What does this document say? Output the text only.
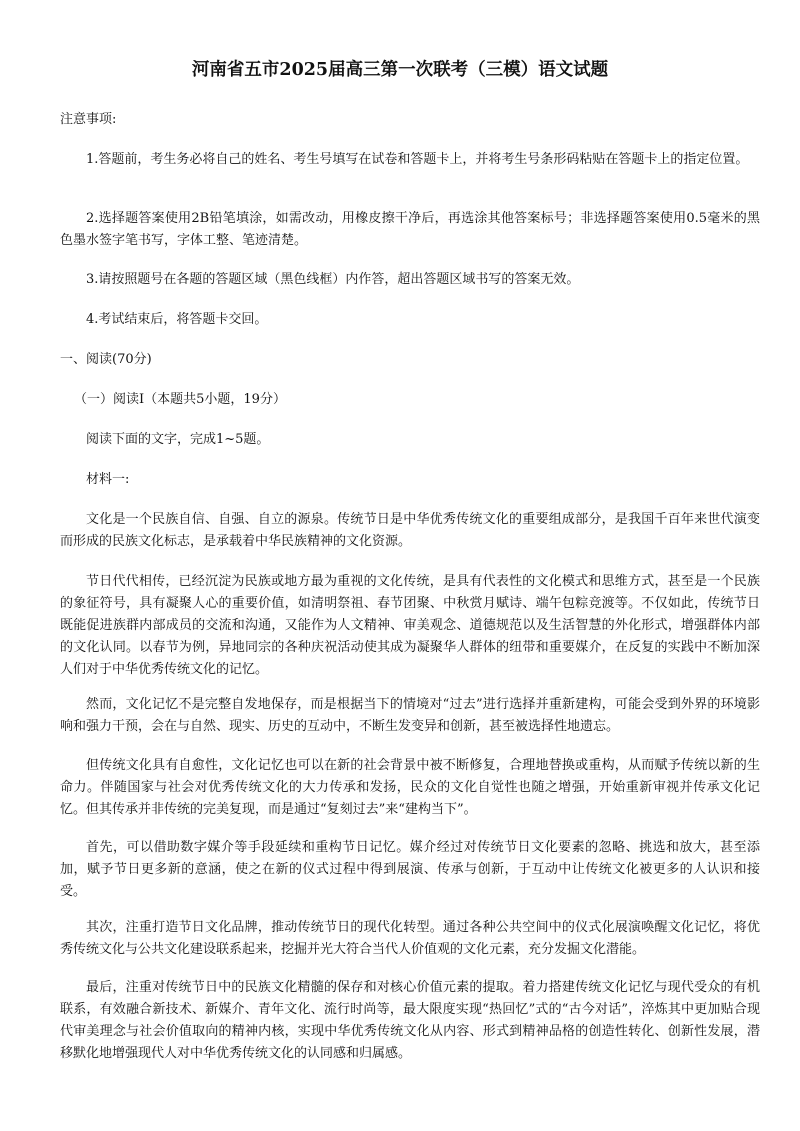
河南省五市2025届高三第一次联考（三模）语文试题

注意事项:

1.答题前，考生务必将自己的姓名、考生号填写在试卷和答题卡上，并将考生号条形码粘贴在答题卡上的指定位置。

2.选择题答案使用2B铅笔填涂，如需改动，用橡皮擦干净后，再选涂其他答案标号；非选择题答案使用0.5毫米的黑色墨水签字笔书写，字体工整、笔迹清楚。

3.请按照题号在各题的答题区域（黑色线框）内作答，超出答题区域书写的答案无效。

4.考试结束后，将答题卡交回。

一、阅读(70分)

（一）阅读Ⅰ（本题共5小题，19分）

阅读下面的文字，完成1~5题。

材料一:

文化是一个民族自信、自强、自立的源泉。传统节日是中华优秀传统文化的重要组成部分，是我国千百年来世代演变而形成的民族文化标志，是承载着中华民族精神的文化资源。

节日代代相传，已经沉淀为民族或地方最为重视的文化传统，是具有代表性的文化模式和思维方式，甚至是一个民族的象征符号，具有凝聚人心的重要价值，如清明祭祖、春节团聚、中秋赏月赋诗、端午包粽竞渡等。不仅如此，传统节日既能促进族群内部成员的交流和沟通，又能作为人文精神、审美观念、道德规范以及生活智慧的外化形式，增强群体内部的文化认同。以春节为例，异地同宗的各种庆祝活动使其成为凝聚华人群体的纽带和重要媒介，在反复的实践中不断加深人们对于中华优秀传统文化的记忆。

然而，文化记忆不是完整自发地保存，而是根据当下的情境对“过去”进行选择并重新建构，可能会受到外界的环境影响和强力干预，会在与自然、现实、历史的互动中，不断生发变异和创新，甚至被选择性地遗忘。

但传统文化具有自愈性，文化记忆也可以在新的社会背景中被不断修复，合理地替换或重构，从而赋予传统以新的生命力。伴随国家与社会对优秀传统文化的大力传承和发扬，民众的文化自觉性也随之增强，开始重新审视并传承文化记忆。但其传承并非传统的完美复现，而是通过“复刻过去”来“建构当下”。

首先，可以借助数字媒介等手段延续和重构节日记忆。媒介经过对传统节日文化要素的忽略、挑选和放大，甚至添加，赋予节日更多新的意涵，使之在新的仪式过程中得到展演、传承与创新，于互动中让传统文化被更多的人认识和接受。

其次，注重打造节日文化品牌，推动传统节日的现代化转型。通过各种公共空间中的仪式化展演唤醒文化记忆，将优秀传统文化与公共文化建设联系起来，挖掘并光大符合当代人价值观的文化元素，充分发掘文化潜能。

最后，注重对传统节日中的民族文化精髓的保存和对核心价值元素的提取。着力搭建传统文化记忆与现代受众的有机联系，有效融合新技术、新媒介、青年文化、流行时尚等，最大限度实现“热回忆”式的“古今对话”，淬炼其中更加贴合现代审美理念与社会价值取向的精神内核，实现中华优秀传统文化从内容、形式到精神品格的创造性转化、创新性发展，潜移默化地增强现代人对中华优秀传统文化的认同感和归属感。
